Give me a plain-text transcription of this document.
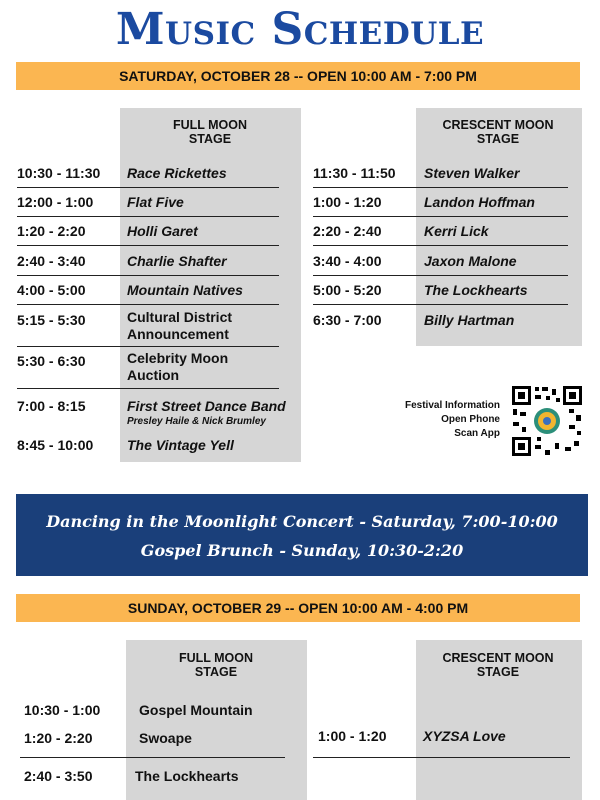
Music Schedule
SATURDAY, OCTOBER 28 -- OPEN 10:00 AM - 7:00 PM
FULL MOON
STAGE
CRESCENT MOON
STAGE
10:30 - 11:30 Race Rickettes
12:00 - 1:00 Flat Five
1:20 - 2:20	Holli Garet
2:40 - 3:40	Charlie Shafter
4:00 - 5:00	Mountain Natives
5:15 - 5:30	Cultural District
Announcement
5:30 - 6:30	Celebrity Moon
Auction
7:00 - 8:15	First Street Dance Band
Presley Haile & Nick Brumley
8:45 - 10:00 The Vintage Yell
11:30 - 11:50 Steven Walker
1:00 - 1:20	Landon Hoffman
2:20 - 2:40	Kerri Lick
3:40 - 4:00	Jaxon Malone
5:00 - 5:20	The Lockhearts
6:30 - 7:00	Billy Hartman
Festival Information
Open Phone
Scan App
Dancing in the Moonlight Concert - Saturday, 7:00-10:00
Gospel Brunch - Sunday, 10:30-2:20
SUNDAY, OCTOBER 29 -- OPEN 10:00 AM - 4:00 PM
FULL MOON
STAGE
CRESCENT MOON
STAGE
10:30 - 1:00	Gospel Mountain
1:20 - 2:20	Swoape
2:40 - 3:50	The Lockhearts
1:00 - 1:20	XYZSA Love
